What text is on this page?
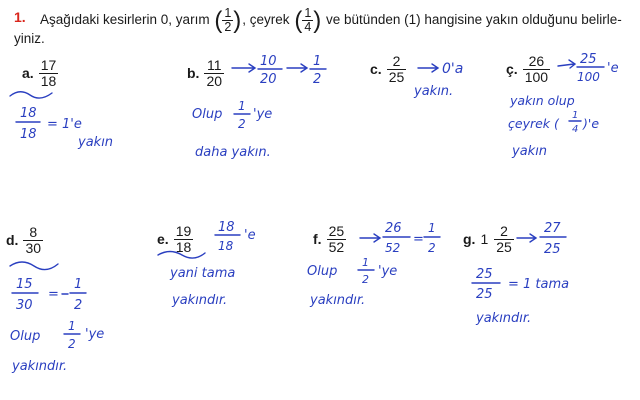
1. Aşağıdaki kesirlerin 0, yarım ( $\frac{1}{2}$ ) , çeyrek ( $\frac{1}{4}$ ) ve bütünden (1) hangisine yakın olduğunu belirle-
yiniz.
a. $\frac{17}{18}$	b. $\frac{11}{20}$	c. $\frac{2}{25}$	ç. $\frac{26}{100}$
d. $\frac{8}{30}$	e. $\frac{19}{18}$	f. $\frac{25}{52}$	g. $1 \frac{2}{25}$
18
18
= 1'e
yakın
10
20
1
2
Olup
1
2
'ye
daha yakın.
0'a
yakın.
25
100
'e
yakın olup
çeyrek (
1
4 )'e
yakın
15
30
=
1
2
Olup
1
2
'ye
yakındır.
18
18
'e
yani tama
yakındır.
26
52
=
1
2
Olup
1
2
'ye
yakındır.
27
25
25
25
= 1 tama
yakındır.
